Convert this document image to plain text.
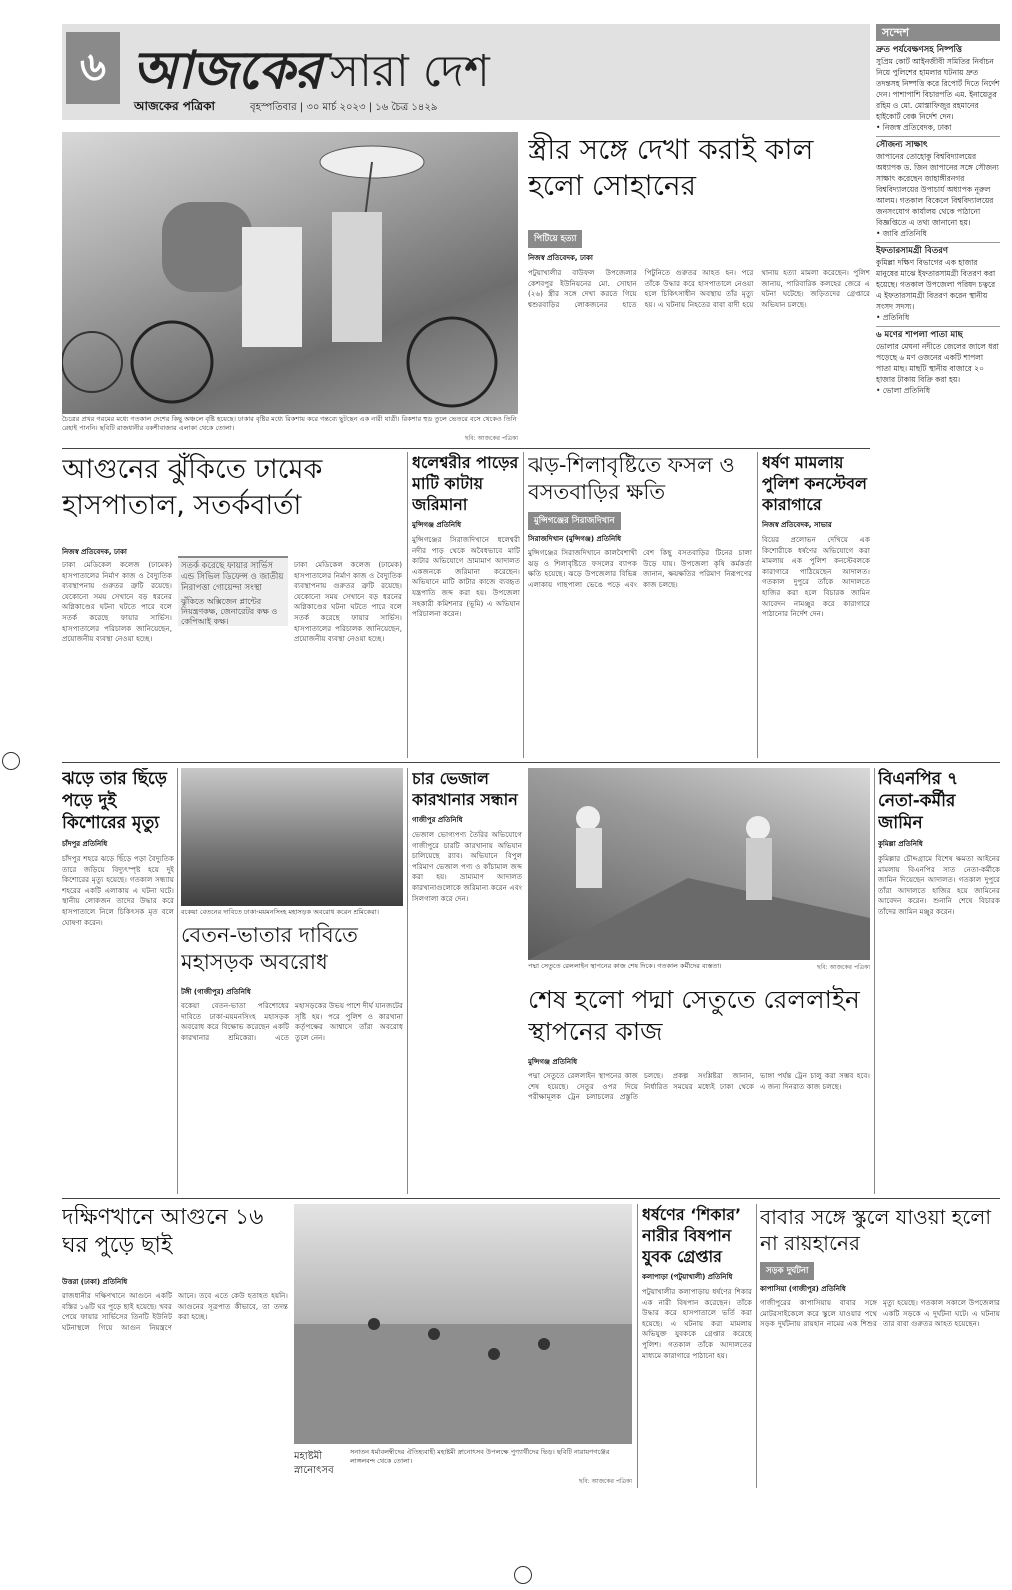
৬ আজকের সারা দেশ
আজকের পত্রিকা	বৃহস্পতিবার | ৩০ মার্চ ২০২৩ | ১৬ চৈত্র ১৪২৯
সন্দেশ
দ্রুত পর্যবেক্ষণসহ নিষ্পত্তি
সুপ্রিম কোর্ট আইনজীবী সমিতির নির্বাচন নিয়ে পুলিশের হামলার ঘটনায় দ্রুত তদন্তসহ নিষ্পত্তি করে রিপোর্ট দিতে নির্দেশ দেন। পাশাপাশি বিচারপতি এম. ইনায়েতুর রহিম ও মো. মোস্তাফিজুর রহমানের হাইকোর্ট বেঞ্চ নির্দেশ দেন।
• নিজস্ব প্রতিবেদক, ঢাকা
সৌজন্য সাক্ষাৎ
জাপানের তোহোকু বিশ্ববিদ্যালয়ের অধ্যাপক ড. জিন জাপানের সঙ্গে সৌজন্য সাক্ষাৎ করেছেন জাহাঙ্গীরনগর বিশ্ববিদ্যালয়ের উপাচার্য অধ্যাপক নূরুল আলম। গতকাল বিকেলে বিশ্ববিদ্যালয়ের জনসংযোগ কার্যালয় থেকে পাঠানো বিজ্ঞপ্তিতে এ তথ্য জানানো হয়।
• জাবি প্রতিনিধি
ইফতারসামগ্রী বিতরণ
কুমিল্লা দক্ষিণ বিভাগের এক হাজার মানুষের মাঝে ইফতারসামগ্রী বিতরণ করা হয়েছে। গতকাল উপজেলা পরিষদ চত্বরে এ ইফতারসামগ্রী বিতরণ করেন স্থানীয় সংসদ সদস্য।
• প্রতিনিধি
৬ মণের শাপলা পাতা মাছ
ভোলার মেঘনা নদীতে জেলের জালে ধরা পড়েছে ৬ মণ ওজনের একটি শাপলা পাতা মাছ। মাছটি স্থানীয় বাজারে ২০ হাজার টাকায় বিক্রি করা হয়।
• ভোলা প্রতিনিধি
চৈত্রের প্রখর গরমের মধ্যে গতকাল দেশের কিছু অঞ্চলে বৃষ্টি হয়েছে। ঢাকার বৃষ্টির মধ্যে রিকশায় করে গন্তব্যে ছুটছেন এক নারী যাত্রী। রিকশার হুড তুলে ভেতরে বসে থেকেও তিনি রেহাই পাননি। ছবিটি রাজধানীর বকশীবাজার এলাকা থেকে তোলা।
ছবি: আজকের পত্রিকা
স্ত্রীর সঙ্গে দেখা করাই কাল হলো সোহানের
পিটিয়ে হত্যা
নিজস্ব প্রতিবেদক, ঢাকা
পটুয়াখালীর বাউফল উপজেলার কেশবপুর ইউনিয়নের মো. সোহান (২৬) স্ত্রীর সঙ্গে দেখা করতে গিয়ে শ্বশুরবাড়ির লোকজনের হাতে পিটুনিতে গুরুতর আহত হন। পরে তাঁকে উদ্ধার করে হাসপাতালে নেওয়া হলে চিকিৎসাধীন অবস্থায় তাঁর মৃত্যু হয়। এ ঘটনায় নিহতের বাবা বাদী হয়ে থানায় হত্যা মামলা করেছেন। পুলিশ জানায়, পারিবারিক কলহের জেরে এ ঘটনা ঘটেছে। জড়িতদের গ্রেপ্তারে অভিযান চলছে।
আগুনের ঝুঁকিতে ঢামেক হাসপাতাল, সতর্কবার্তা
নিজস্ব প্রতিবেদক, ঢাকা
সতর্ক করেছে ফায়ার সার্ভিস এন্ড সিভিল ডিফেন্স ও জাতীয় নিরাপত্তা গোয়েন্দা সংস্থা
ঝুঁকিতে অক্সিজেন প্লান্টের নিয়ন্ত্রণকক্ষ, জেনারেটর কক্ষ ও কেপিআই কক্ষ।
ঢাকা মেডিকেল কলেজ (ঢামেক) হাসপাতালের নির্মাণ কাজ ও বৈদ্যুতিক ব্যবস্থাপনায় গুরুতর ত্রুটি রয়েছে। যেকোনো সময় সেখানে বড় ধরনের অগ্নিকাণ্ডের ঘটনা ঘটতে পারে বলে সতর্ক করেছে ফায়ার সার্ভিস। হাসপাতালের পরিচালক জানিয়েছেন, প্রয়োজনীয় ব্যবস্থা নেওয়া হচ্ছে।
ঢাকা মেডিকেল কলেজ (ঢামেক) হাসপাতালের নির্মাণ কাজ ও বৈদ্যুতিক ব্যবস্থাপনায় গুরুতর ত্রুটি রয়েছে। যেকোনো সময় সেখানে বড় ধরনের অগ্নিকাণ্ডের ঘটনা ঘটতে পারে বলে সতর্ক করেছে ফায়ার সার্ভিস। হাসপাতালের পরিচালক জানিয়েছেন, প্রয়োজনীয় ব্যবস্থা নেওয়া হচ্ছে।
ধলেশ্বরীর পাড়ের মাটি কাটায় জরিমানা
মুন্সিগঞ্জ প্রতিনিধি
মুন্সিগঞ্জের সিরাজদিখানে ধলেশ্বরী নদীর পাড় থেকে অবৈধভাবে মাটি কাটার অভিযোগে ভ্রাম্যমাণ আদালত একজনকে জরিমানা করেছেন। অভিযানে মাটি কাটার কাজে ব্যবহৃত যন্ত্রপাতি জব্দ করা হয়। উপজেলা সহকারী কমিশনার (ভূমি) এ অভিযান পরিচালনা করেন।
ঝড়-শিলাবৃষ্টিতে ফসল ও বসতবাড়ির ক্ষতি
মুন্সিগঞ্জের সিরাজদিখান
সিরাজদিখান (মুন্সিগঞ্জ) প্রতিনিধি
মুন্সিগঞ্জের সিরাজদিখানে কালবৈশাখী ঝড় ও শিলাবৃষ্টিতে ফসলের ব্যাপক ক্ষতি হয়েছে। ঝড়ে উপজেলার বিভিন্ন এলাকায় গাছপালা ভেঙে পড়ে এবং বেশ কিছু বসতবাড়ির টিনের চালা উড়ে যায়। উপজেলা কৃষি কর্মকর্তা জানান, ক্ষয়ক্ষতির পরিমাণ নিরূপণের কাজ চলছে।
ধর্ষণ মামলায় পুলিশ কনস্টেবল কারাগারে
নিজস্ব প্রতিবেদক, সাভার
বিয়ের প্রলোভন দেখিয়ে এক কিশোরীকে ধর্ষণের অভিযোগে করা মামলায় এক পুলিশ কনস্টেবলকে কারাগারে পাঠিয়েছেন আদালত। গতকাল দুপুরে তাঁকে আদালতে হাজির করা হলে বিচারক জামিন আবেদন নামঞ্জুর করে কারাগারে পাঠানোর নির্দেশ দেন।
ঝড়ে তার ছিঁড়ে পড়ে দুই কিশোরের মৃত্যু
চাঁদপুর প্রতিনিধি
চাঁদপুর শহরে ঝড়ে ছিঁড়ে পড়া বৈদ্যুতিক তারে জড়িয়ে বিদ্যুৎস্পৃষ্ট হয়ে দুই কিশোরের মৃত্যু হয়েছে। গতকাল সন্ধ্যায় শহরের একটি এলাকায় এ ঘটনা ঘটে। স্থানীয় লোকজন তাদের উদ্ধার করে হাসপাতালে নিলে চিকিৎসক মৃত বলে ঘোষণা করেন।
বকেয়া বেতনের দাবিতে ঢাকা-ময়মনসিংহ মহাসড়ক অবরোধ করেন শ্রমিকেরা।
বেতন-ভাতার দাবিতে মহাসড়ক অবরোধ
টঙ্গী (গাজীপুর) প্রতিনিধি
বকেয়া বেতন-ভাতা পরিশোধের দাবিতে ঢাকা-ময়মনসিংহ মহাসড়ক অবরোধ করে বিক্ষোভ করেছেন একটি কারখানার শ্রমিকেরা। এতে মহাসড়কের উভয় পাশে দীর্ঘ যানজটের সৃষ্টি হয়। পরে পুলিশ ও কারখানা কর্তৃপক্ষের আশ্বাসে তাঁরা অবরোধ তুলে নেন।
চার ভেজাল কারখানার সন্ধান
গাজীপুর প্রতিনিধি
ভেজাল ভোগ্যপণ্য তৈরির অভিযোগে গাজীপুরে চারটি কারখানায় অভিযান চালিয়েছে র‍্যাব। অভিযানে বিপুল পরিমাণ ভেজাল পণ্য ও কাঁচামাল জব্দ করা হয়। ভ্রাম্যমাণ আদালত কারখানাগুলোকে জরিমানা করেন এবং সিলগালা করে দেন।
পদ্মা সেতুতে রেললাইন স্থাপনের কাজ শেষ দিকে। গতকাল কর্মীদের ব্যস্ততা।	ছবি: আজকের পত্রিকা
শেষ হলো পদ্মা সেতুতে রেললাইন স্থাপনের কাজ
মুন্সিগঞ্জ প্রতিনিধি
পদ্মা সেতুতে রেললাইন স্থাপনের কাজ শেষ হয়েছে। সেতুর ওপর দিয়ে পরীক্ষামূলক ট্রেন চলাচলের প্রস্তুতি চলছে। প্রকল্প সংশ্লিষ্টরা জানান, নির্ধারিত সময়ের মধ্যেই ঢাকা থেকে ভাঙ্গা পর্যন্ত ট্রেন চালু করা সম্ভব হবে। এ জন্য দিনরাত কাজ চলছে।
বিএনপির ৭ নেতা-কর্মীর জামিন
কুমিল্লা প্রতিনিধি
কুমিল্লার চৌদ্দগ্রামে বিশেষ ক্ষমতা আইনের মামলায় বিএনপির সাত নেতা-কর্মীকে জামিন দিয়েছেন আদালত। গতকাল দুপুরে তাঁরা আদালতে হাজির হয়ে জামিনের আবেদন করেন। শুনানি শেষে বিচারক তাঁদের জামিন মঞ্জুর করেন।
দক্ষিণখানে আগুনে ১৬ ঘর পুড়ে ছাই
উত্তরা (ঢাকা) প্রতিনিধি
রাজধানীর দক্ষিণখানে আগুনে একটি বস্তির ১৬টি ঘর পুড়ে ছাই হয়েছে। খবর পেয়ে ফায়ার সার্ভিসের তিনটি ইউনিট ঘটনাস্থলে গিয়ে আগুন নিয়ন্ত্রণে আনে। তবে এতে কেউ হতাহত হয়নি। আগুনের সূত্রপাত কীভাবে, তা তদন্ত করা হচ্ছে।
মহাষ্টমী স্নানোৎসব
সনাতন ধর্মাবলম্বীদের ঐতিহ্যবাহী মহাষ্টমী স্নানোৎসব উপলক্ষে পুণ্যার্থীদের ভিড়। ছবিটি নারায়ণগঞ্জের লাঙ্গলবন্দ থেকে তোলা।
ছবি: আজকের পত্রিকা
ধর্ষণের ‘শিকার’ নারীর বিষপান যুবক গ্রেপ্তার
কলাপাড়া (পটুয়াখালী) প্রতিনিধি
পটুয়াখালীর কলাপাড়ায় ধর্ষণের শিকার এক নারী বিষপান করেছেন। তাঁকে উদ্ধার করে হাসপাতালে ভর্তি করা হয়েছে। এ ঘটনায় করা মামলায় অভিযুক্ত যুবককে গ্রেপ্তার করেছে পুলিশ। গতকাল তাঁকে আদালতের মাধ্যমে কারাগারে পাঠানো হয়।
বাবার সঙ্গে স্কুলে যাওয়া হলো না রায়হানের
সড়ক দুর্ঘটনা
কাপাসিয়া (গাজীপুর) প্রতিনিধি
গাজীপুরের কাপাসিয়ায় বাবার সঙ্গে মোটরসাইকেলে করে স্কুলে যাওয়ার পথে সড়ক দুর্ঘটনায় রায়হান নামের এক শিশুর মৃত্যু হয়েছে। গতকাল সকালে উপজেলার একটি সড়কে এ দুর্ঘটনা ঘটে। এ ঘটনায় তার বাবা গুরুতর আহত হয়েছেন।
